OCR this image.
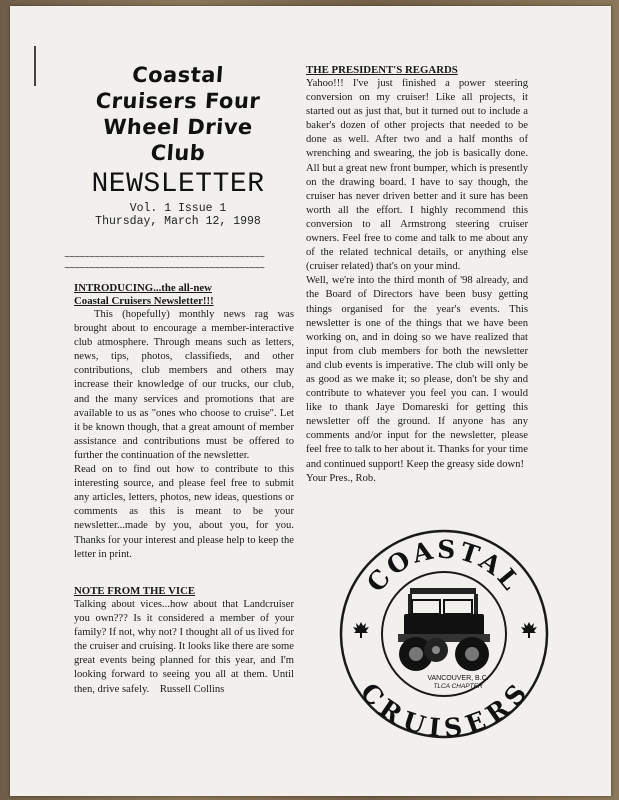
Coastal
Cruisers Four
Wheel Drive
Club
NEWSLETTER
Vol. 1 Issue 1
Thursday, March 12, 1998
~~~~~~~~~~~~~~~~~~~~~~~~~~~~~~~~~~~~~~~~
~~~~~~~~~~~~~~~~~~~~~~~~~~~~~~~~~~~~~~~~
INTRODUCING...the all-new
Coastal Cruisers Newsletter!!!

This (hopefully) monthly news rag was brought about to encourage a member-interactive club atmosphere. Through means such as letters, news, tips, photos, classifieds, and other contributions, club members and others may increase their knowledge of our trucks, our club, and the many services and promotions that are available to us as "ones who choose to cruise". Let it be known though, that a great amount of member assistance and contributions must be offered to further the continuation of the newsletter.

Read on to find out how to contribute to this interesting source, and please feel free to submit any articles, letters, photos, new ideas, questions or comments as this is meant to be your newsletter...made by you, about you, for you. Thanks for your interest and please help to keep the letter in print.

NOTE FROM THE VICE

Talking about vices...how about that Landcruiser you own??? Is it considered a member of your family? If not, why not? I thought all of us lived for the cruiser and cruising. It looks like there are some great events being planned for this year, and I'm looking forward to seeing you all at them. Until then, drive safely. Russell Collins

THE PRESIDENT'S REGARDS

Yahoo!!! I've just finished a power steering conversion on my cruiser! Like all projects, it started out as just that, but it turned out to include a baker's dozen of other projects that needed to be done as well. After two and a half months of wrenching and swearing, the job is basically done. All but a great new front bumper, which is presently on the drawing board. I have to say though, the cruiser has never driven better and it sure has been worth all the effort. I highly recommend this conversion to all Armstrong steering cruiser owners. Feel free to come and talk to me about any of the related technical details, or anything else (cruiser related) that's on your mind.

Well, we're into the third month of '98 already, and the Board of Directors have been busy getting things organised for the year's events. This newsletter is one of the things that we have been working on, and in doing so we have realized that input from club members for both the newsletter and club events is imperative. The club will only be as good as we make it; so please, don't be shy and contribute to whatever you feel you can. I would like to thank Jaye Domareski for getting this newsletter off the ground. If anyone has any comments and/or input for the newsletter, please feel free to talk to her about it. Thanks for your time and continued support! Keep the greasy side down!

Your Pres., Rob.
COASTAL
CRUISERS
VANCOUVER, B.C.
TLCA CHAPTER
